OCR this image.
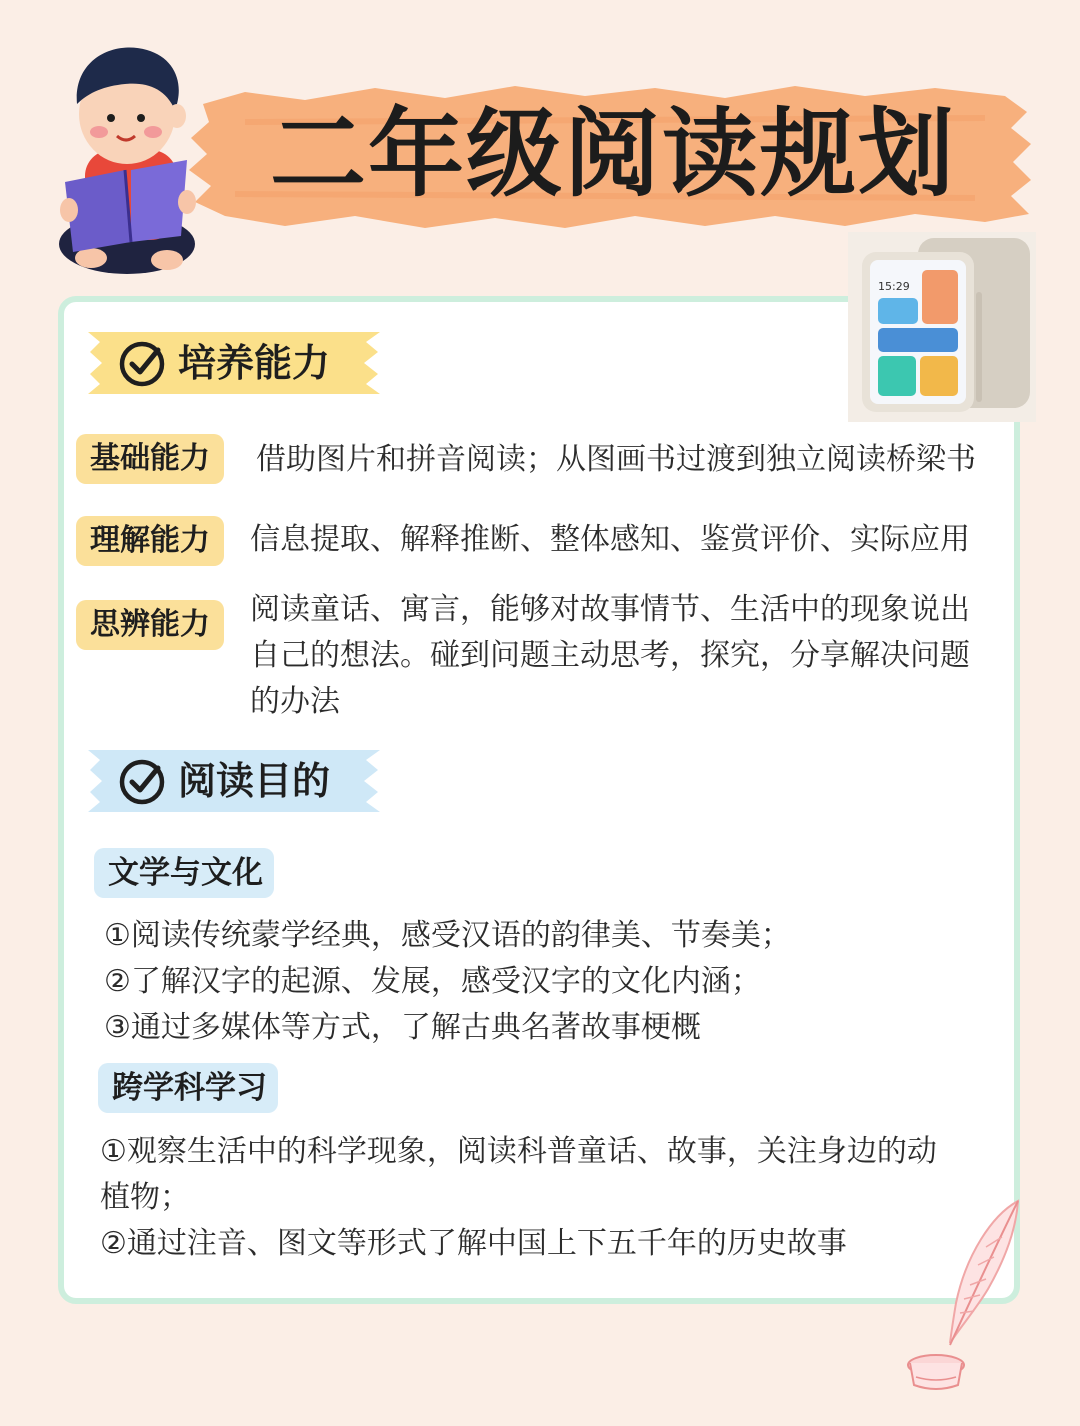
二年级阅读规划
15:29
培养能力
基础能力	借助图片和拼音阅读；从图画书过渡到独立阅读桥梁书
理解能力	信息提取、解释推断、整体感知、鉴赏评价、实际应用
思辨能力	阅读童话、寓言，能够对故事情节、生活中的现象说出
自己的想法。碰到问题主动思考，探究，分享解决问题
的办法
阅读目的
文学与文化
①阅读传统蒙学经典，感受汉语的韵律美、节奏美；
②了解汉字的起源、发展，感受汉字的文化内涵；
③通过多媒体等方式，了解古典名著故事梗概
跨学科学习
①观察生活中的科学现象，阅读科普童话、故事，关注身边的动
植物；
②通过注音、图文等形式了解中国上下五千年的历史故事
